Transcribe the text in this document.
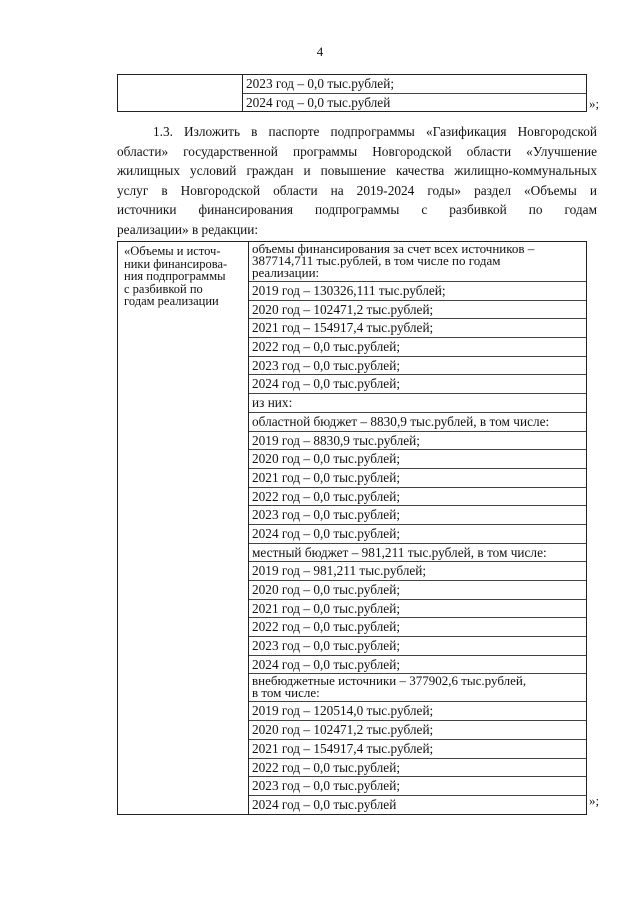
4

2023 год – 0,0 тыс.рублей;
2024 год – 0,0 тыс.рублей	»;
1.3. Изложить в паспорте подпрограммы «Газификация Новгородской
области» государственной программы Новгородской области «Улучшение
жилищных условий граждан и повышение качества жилищно-коммунальных
услуг в Новгородской области на 2019-2024 годы» раздел «Объемы и
источники финансирования подпрограммы с разбивкой по годам
реализации» в редакции:
«Объемы и источ-
ники финансирова-
ния подпрограммы
с разбивкой по
годам реализации

объемы финансирования за счет всех источников –
387714,711 тыс.рублей, в том числе по годам
реализации:
2019 год – 130326,111 тыс.рублей;
2020 год – 102471,2 тыс.рублей;
2021 год – 154917,4 тыс.рублей;
2022 год – 0,0 тыс.рублей;
2023 год – 0,0 тыс.рублей;
2024 год – 0,0 тыс.рублей;
из них:
областной бюджет – 8830,9 тыс.рублей, в том числе:
2019 год – 8830,9 тыс.рублей;
2020 год – 0,0 тыс.рублей;
2021 год – 0,0 тыс.рублей;
2022 год – 0,0 тыс.рублей;
2023 год – 0,0 тыс.рублей;
2024 год – 0,0 тыс.рублей;
местный бюджет – 981,211 тыс.рублей, в том числе:
2019 год – 981,211 тыс.рублей;
2020 год – 0,0 тыс.рублей;
2021 год – 0,0 тыс.рублей;
2022 год – 0,0 тыс.рублей;
2023 год – 0,0 тыс.рублей;
2024 год – 0,0 тыс.рублей;
внебюджетные источники – 377902,6 тыс.рублей,
в том числе:
2019 год – 120514,0 тыс.рублей;
2020 год – 102471,2 тыс.рублей;
2021 год – 154917,4 тыс.рублей;
2022 год – 0,0 тыс.рублей;
2023 год – 0,0 тыс.рублей;
2024 год – 0,0 тыс.рублей	»;
